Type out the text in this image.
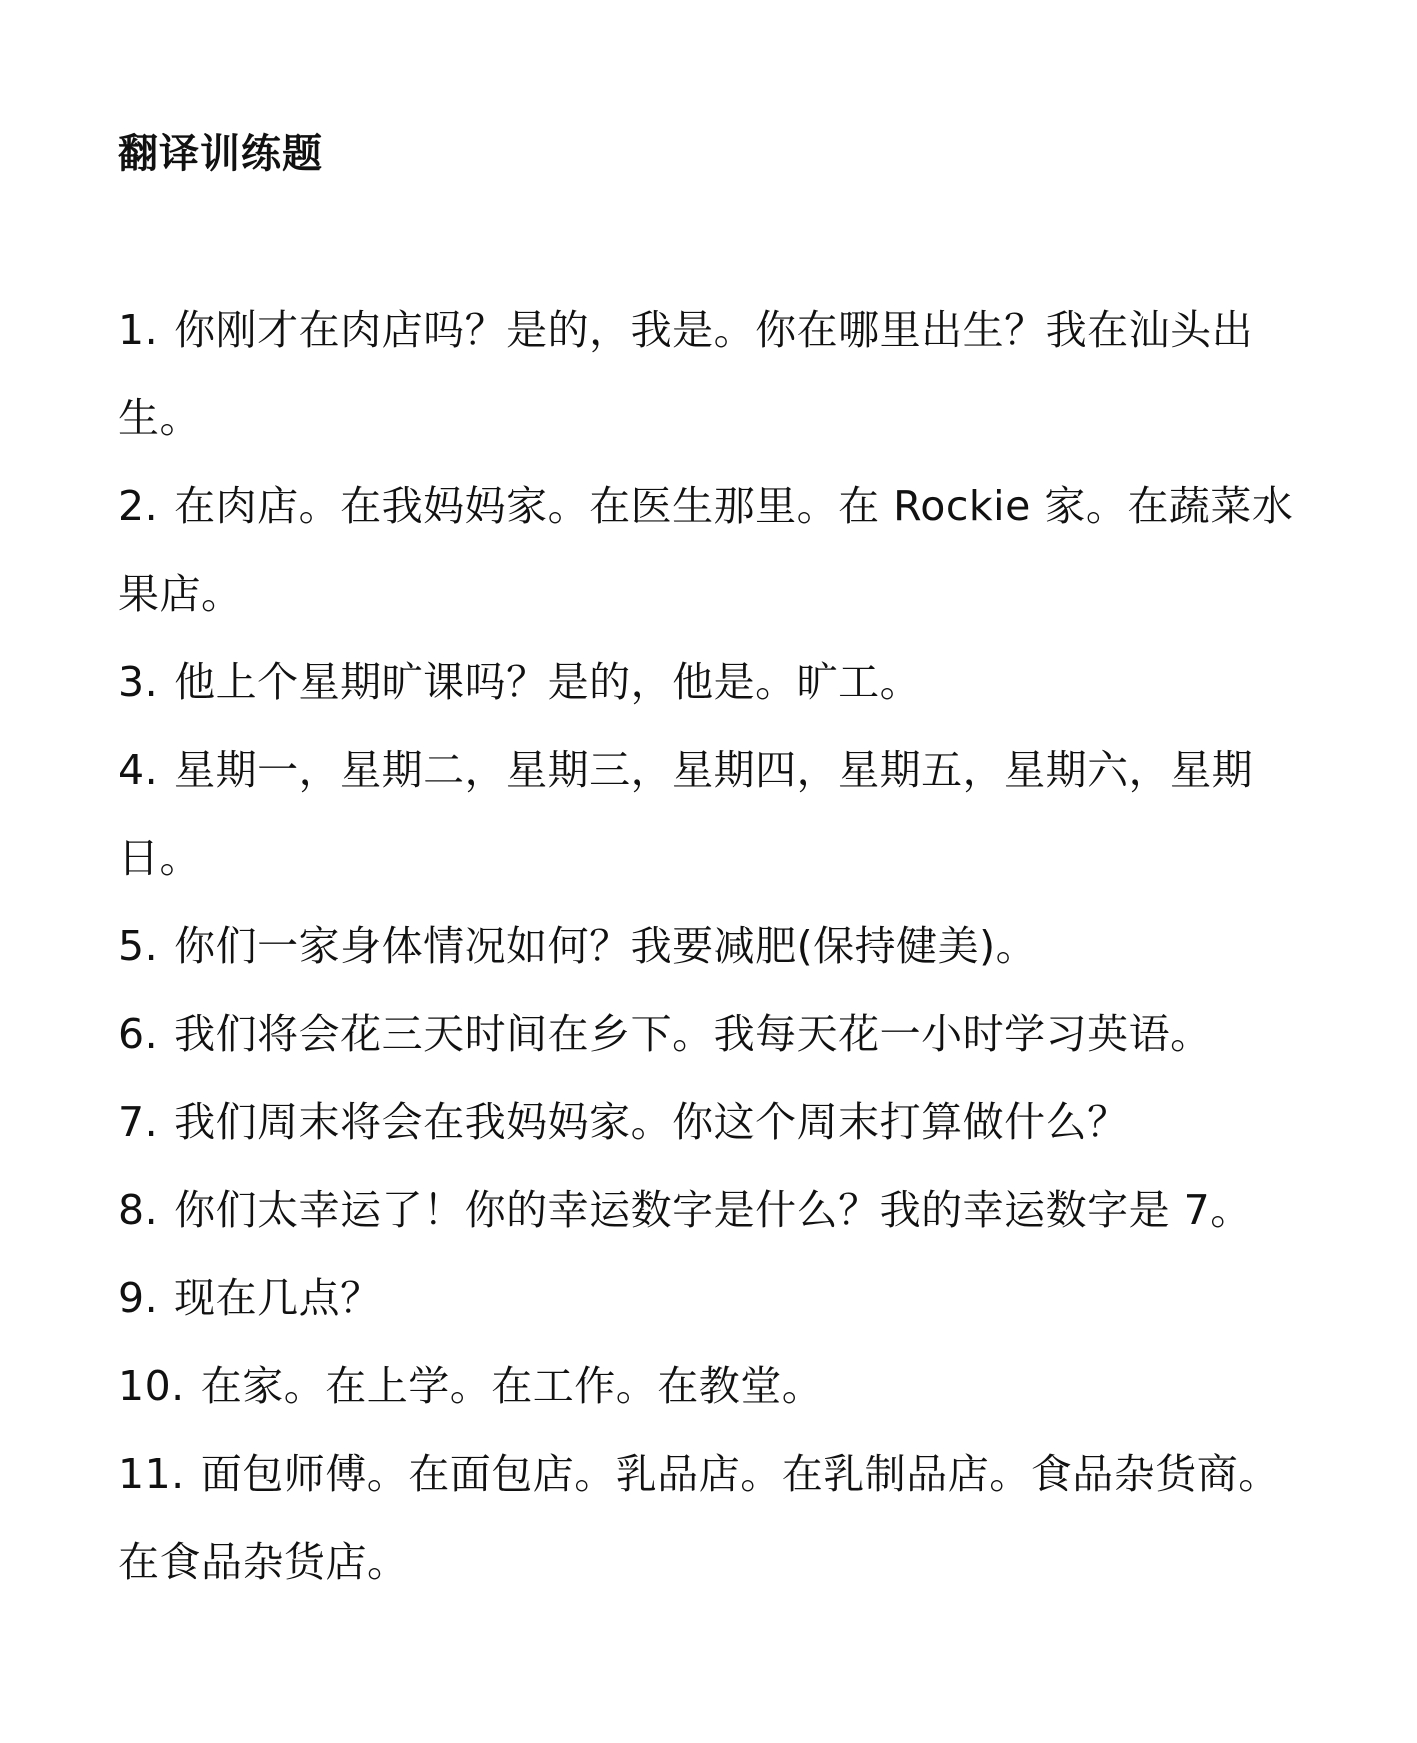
翻译训练题
1. 你刚才在肉店吗？是的，我是。你在哪里出生？我在汕头出生。
2. 在肉店。在我妈妈家。在医生那里。在 Rockie 家。在蔬菜水果店。
3. 他上个星期旷课吗？是的，他是。旷工。
4. 星期一，星期二，星期三，星期四，星期五，星期六，星期日。
5. 你们一家身体情况如何？我要减肥(保持健美)。
6. 我们将会花三天时间在乡下。我每天花一小时学习英语。
7. 我们周末将会在我妈妈家。你这个周末打算做什么？
8. 你们太幸运了！你的幸运数字是什么？我的幸运数字是 7。
9. 现在几点？
10. 在家。在上学。在工作。在教堂。
11. 面包师傅。在面包店。乳品店。在乳制品店。食品杂货商。在食品杂货店。
